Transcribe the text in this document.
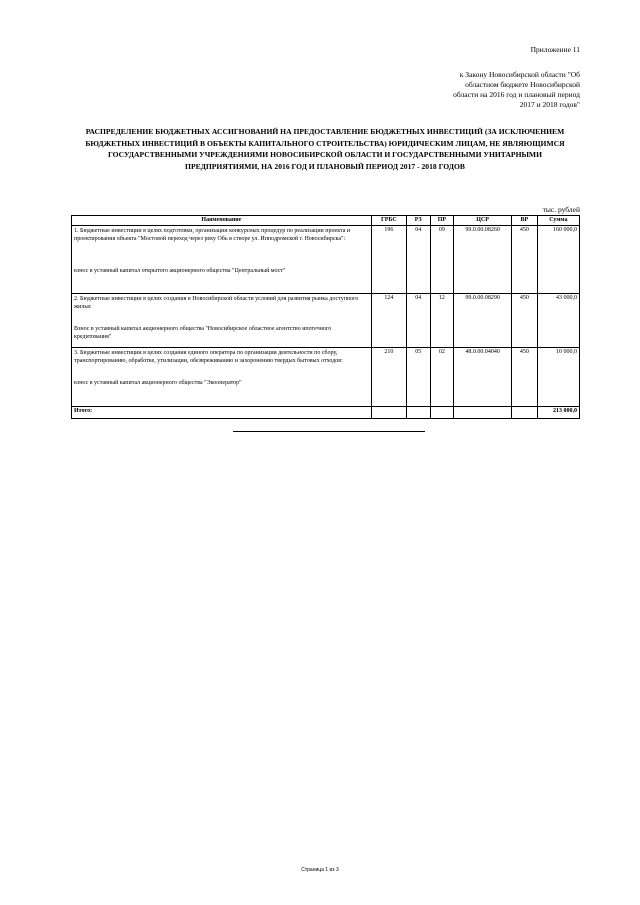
Приложение 11
к Закону Новосибирской области "Об
областном бюджете Новосибирской
области на 2016 год и плановый период
2017 и 2018 годов"
РАСПРЕДЕЛЕНИЕ БЮДЖЕТНЫХ АССИГНОВАНИЙ НА ПРЕДОСТАВЛЕНИЕ БЮДЖЕТНЫХ ИНВЕСТИЦИЙ (ЗА ИСКЛЮЧЕНИЕМ БЮДЖЕТНЫХ ИНВЕСТИЦИЙ В ОБЪЕКТЫ КАПИТАЛЬНОГО СТРОИТЕЛЬСТВА) ЮРИДИЧЕСКИМ ЛИЦАМ, НЕ ЯВЛЯЮЩИМСЯ ГОСУДАРСТВЕННЫМИ УЧРЕЖДЕНИЯМИ НОВОСИБИРСКОЙ ОБЛАСТИ И ГОСУДАРСТВЕННЫМИ УНИТАРНЫМИ ПРЕДПРИЯТИЯМИ, НА 2016 ГОД И ПЛАНОВЫЙ ПЕРИОД 2017 - 2018 ГОДОВ
тыс. рублей
Наименование	ГРБС	РЗ	ПР	ЦСР	ВР	Сумма

1. Бюджетные инвестиции в целях подготовки, организации конкурсных процедур по реализации проекта и проектирования объекта "Мостовой переход через реку Обь в створе ул. Ипподромской г. Новосибирска":

взнос в уставный капитал открытого акционерного общества "Центральный мост"	196	04	09	99.0.00.08260	450	160 000,0

2. Бюджетные инвестиции в целях создания в Новосибирской области условий для развития рынка доступного жилья:

Взнос в уставный капитал акционерного общества "Новосибирское областное агентство ипотечного кредитования"	124	04	12	99.0.00.08290	450	43 000,0

3. Бюджетные инвестиции в целях создания единого оператора по организации деятельности по сбору, транспортированию, обработке, утилизации, обезвреживанию и захоронению твердых бытовых отходов:

взнос в уставный капитал акционерного общества "Экооператор"	210	05	02	48.0.00.04040	450	10 000,0
Итого:						213 000,0
Страница 1 из 3
